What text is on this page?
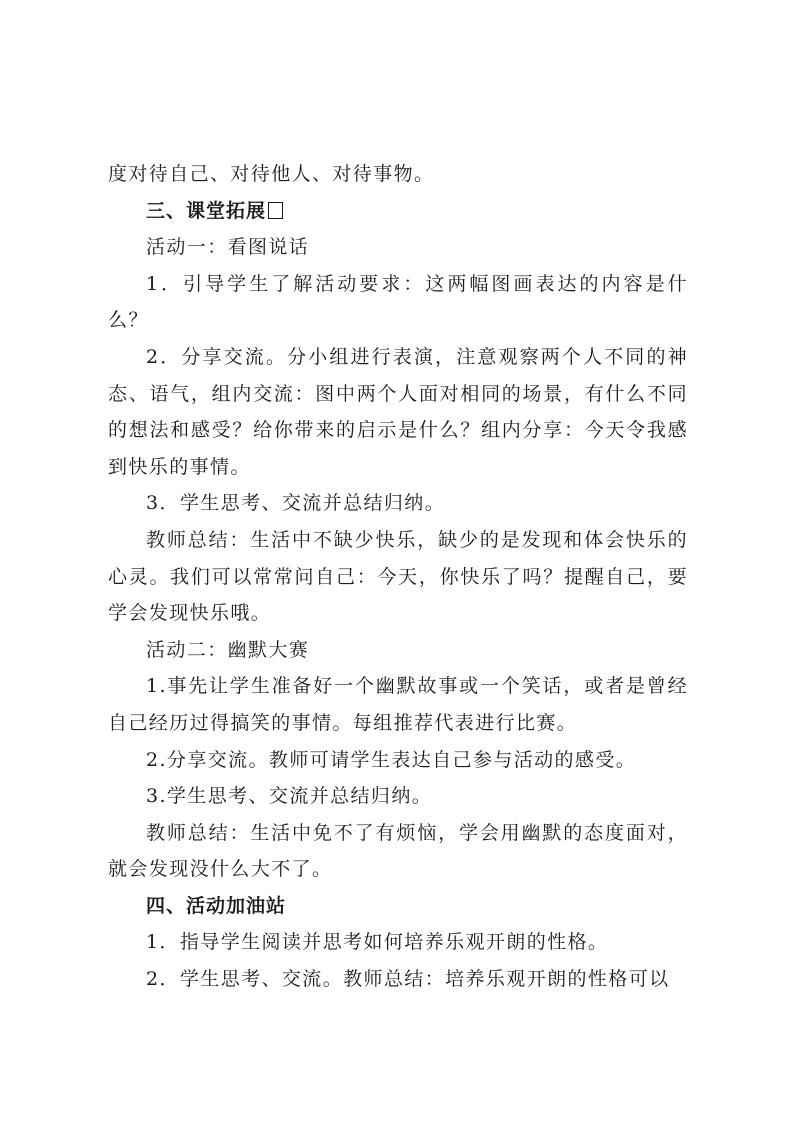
度对待自己、对待他人、对待事物。

三、课堂拓展

活动一：看图说话

1．引导学生了解活动要求：这两幅图画表达的内容是什么？

2．分享交流。分小组进行表演，注意观察两个人不同的神态、语气，组内交流：图中两个人面对相同的场景，有什么不同的想法和感受？给你带来的启示是什么？组内分享：今天令我感到快乐的事情。

3．学生思考、交流并总结归纳。

教师总结：生活中不缺少快乐，缺少的是发现和体会快乐的心灵。我们可以常常问自己：今天，你快乐了吗？提醒自己，要学会发现快乐哦。

活动二：幽默大赛

1.事先让学生准备好一个幽默故事或一个笑话，或者是曾经自己经历过得搞笑的事情。每组推荐代表进行比赛。

2.分享交流。教师可请学生表达自己参与活动的感受。

3.学生思考、交流并总结归纳。

教师总结：生活中免不了有烦恼，学会用幽默的态度面对，就会发现没什么大不了。

四、活动加油站

1．指导学生阅读并思考如何培养乐观开朗的性格。

2．学生思考、交流。教师总结：培养乐观开朗的性格可以
